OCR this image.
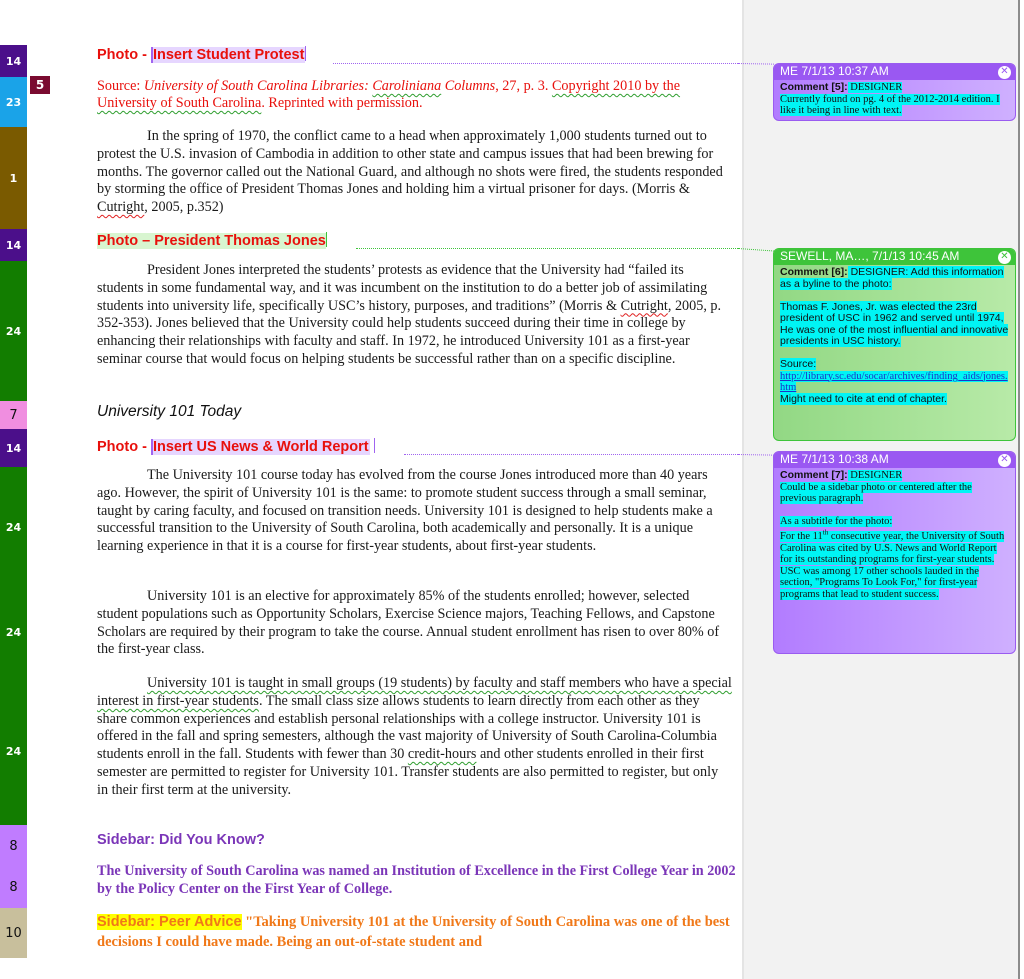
14
23
1
14
24
7
14
24
24
24
8
8
10
5
Photo - Insert Student Protest
Source: University of South Carolina Libraries: Caroliniana Columns, 27, p. 3. Copyright 2010 by the University of South Carolina. Reprinted with permission.
In the spring of 1970, the conflict came to a head when approximately 1,000 students turned out to protest the U.S. invasion of Cambodia in addition to other state and campus issues that had been brewing for months. The governor called out the National Guard, and although no shots were fired, the students responded by storming the office of President Thomas Jones and holding him a virtual prisoner for days. (Morris & Cutright, 2005, p.352)
Photo – President Thomas Jones
President Jones interpreted the students’ protests as evidence that the University had “failed its students in some fundamental way, and it was incumbent on the institution to do a better job of assimilating students into university life, specifically USC’s history, purposes, and traditions” (Morris & Cutright, 2005, p. 352-353). Jones believed that the University could help students succeed during their time in college by enhancing their relationships with faculty and staff. In 1972, he introduced University 101 as a first-year seminar course that would focus on helping students be successful rather than on a specific discipline.
University 101 Today
Photo - Insert US News & World Report
The University 101 course today has evolved from the course Jones introduced more than 40 years ago. However, the spirit of University 101 is the same: to promote student success through a small seminar, taught by caring faculty, and focused on transition needs. University 101 is designed to help students make a successful transition to the University of South Carolina, both academically and personally. It is a unique learning experience in that it is a course for first-year students, about first-year students.
University 101 is an elective for approximately 85% of the students enrolled; however, selected student populations such as Opportunity Scholars, Exercise Science majors, Teaching Fellows, and Capstone Scholars are required by their program to take the course. Annual student enrollment has risen to over 80% of the first-year class.
University 101 is taught in small groups (19 students) by faculty and staff members who have a special interest in first-year students. The small class size allows students to learn directly from each other as they share common experiences and establish personal relationships with a college instructor. University 101 is offered in the fall and spring semesters, although the vast majority of University of South Carolina-Columbia students enroll in the fall. Students with fewer than 30 credit-hours and other students enrolled in their first semester are permitted to register for University 101. Transfer students are also permitted to register, but only in their first term at the university.
Sidebar: Did You Know?
The University of South Carolina was named an Institution of Excellence in the First College Year in 2002 by the Policy Center on the First Year of College.
Sidebar: Peer Advice "Taking University 101 at the University of South Carolina was one of the best decisions I could have made. Being an out-of-state student and
ME 7/1/13 10:37 AM	✕
Comment [5]: DESIGNER
Currently found on pg. 4 of the 2012-2014 edition. I like it being in line with text.
SEWELL, MA…, 7/1/13 10:45 AM	✕
Comment [6]: DESIGNER: Add this information as a byline to the photo:

Thomas F. Jones, Jr. was elected the 23rd president of USC in 1962 and served until 1974, He was one of the most influential and innovative presidents in USC history.

Source:
http://library.sc.edu/socar/archives/finding_aids/jones.htm
Might need to cite at end of chapter.
ME 7/1/13 10:38 AM	✕
Comment [7]: DESIGNER
Could be a sidebar photo or centered after the previous paragraph.

As a subtitle for the photo:
For the 11th consecutive year, the University of South Carolina was cited by U.S. News and World Report for its outstanding programs for first-year students. USC was among 17 other schools lauded in the section, "Programs To Look For," for first-year programs that lead to student success.
